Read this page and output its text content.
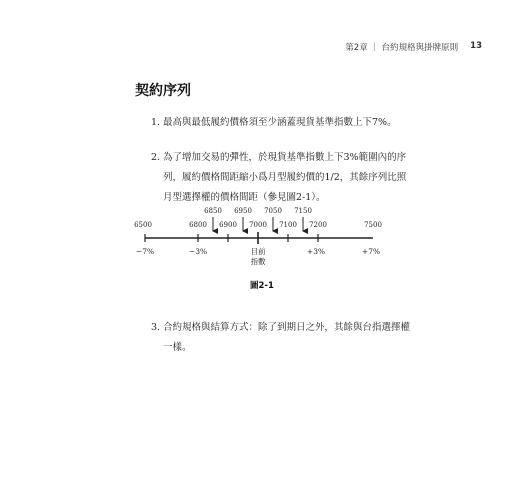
第2章 ｜ 台約規格與掛牌原則 13
契約序列
1. 最高與最低履約價格須至少涵蓋現貨基準指數上下7%。
2. 為了增加交易的彈性，於現貨基準指數上下3%範圍內的序
列，履約價格間距縮小爲月型履約價的1/2，其餘序列比照
月型選擇權的價格間距（參見圖2-1）。
6850 6950 7050 7150
6500	6800 6900 7000 7100 7200	7500
−7%	−3%	+3%	+7%
目前
指數
圖2-1
3. 合約規格與結算方式：除了到期日之外，其餘與台指選擇權
一樣。
